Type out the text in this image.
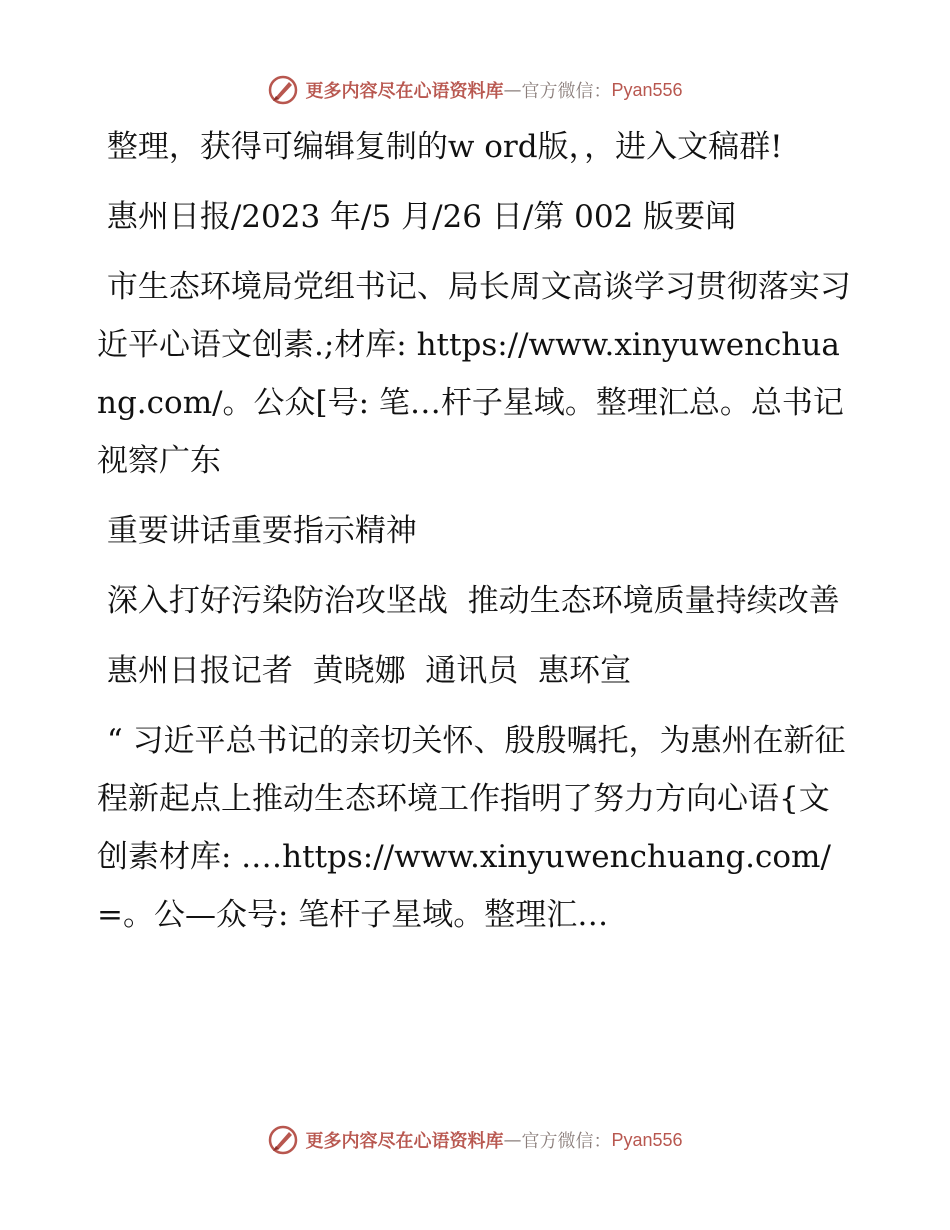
更多内容尽在心语资料库 — 官方微信： Pyan556

整理，获得可编辑复制的w ord版，，进入文稿群!

惠州日报/2023 年/5 月/26 日/第 002 版要闻

市生态环境局党组书记、局长周文高谈学习贯彻落实习近平心语文创素.;材库: https://www.xinyuwenchuang.com/。公众[号: 笔…杆子星域。整理汇总。总书记视察广东

重要讲话重要指示精神

深入打好污染防治攻坚战  推动生态环境质量持续改善

惠州日报记者  黄晓娜  通讯员  惠环宣

“ 习近平总书记的亲切关怀、殷殷嘱托，为惠州在新征程新起点上推动生态环境工作指明了努力方向心语{文创素材库: .…https://www.xinyuwenchuang.com/=。公—众号: 笔杆子星域。整理汇…

更多内容尽在心语资料库 — 官方微信： Pyan556
